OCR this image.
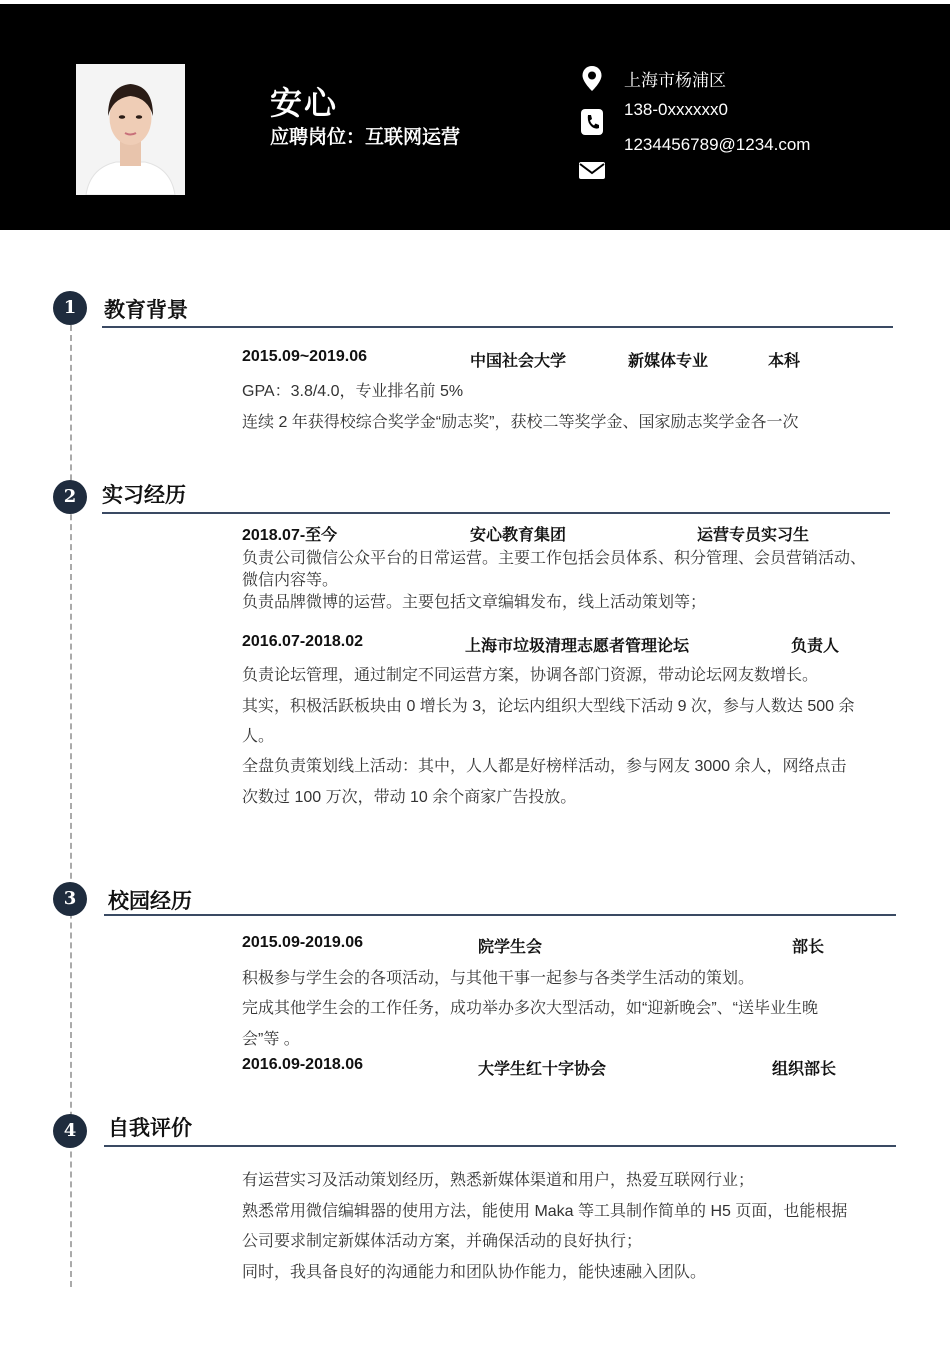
安心
应聘岗位：互联网运营
上海市杨浦区
138-0xxxxxx0
1234456789@1234.com
1	教育背景
2015.09~2019.06	中国社会大学	新媒体专业	本科
GPA：3.8/4.0，专业排名前 5%
连续 2 年获得校综合奖学金“励志奖”，获校二等奖学金、国家励志奖学金各一次
2	实习经历
2018.07-至今	安心教育集团	运营专员实习生
负责公司微信公众平台的日常运营。主要工作包括会员体系、积分管理、会员营销活动、
微信内容等。
负责品牌微博的运营。主要包括文章编辑发布，线上活动策划等；
2016.07-2018.02	上海市垃圾清理志愿者管理论坛	负责人
负责论坛管理，通过制定不同运营方案，协调各部门资源，带动论坛网友数增长。
其实，积极活跃板块由 0 增长为 3，论坛内组织大型线下活动 9 次，参与人数达 500 余
人。
全盘负责策划线上活动：其中，人人都是好榜样活动，参与网友 3000 余人，网络点击
次数过 100 万次，带动 10 余个商家广告投放。
3	校园经历
2015.09-2019.06	院学生会	部长
积极参与学生会的各项活动，与其他干事一起参与各类学生活动的策划。
完成其他学生会的工作任务，成功举办多次大型活动，如“迎新晚会”、“送毕业生晚
会”等 。
2016.09-2018.06	大学生红十字协会	组织部长
4	自我评价
有运营实习及活动策划经历，熟悉新媒体渠道和用户，热爱互联网行业；
熟悉常用微信编辑器的使用方法，能使用 Maka 等工具制作简单的 H5 页面，也能根据
公司要求制定新媒体活动方案，并确保活动的良好执行；
同时，我具备良好的沟通能力和团队协作能力，能快速融入团队。
